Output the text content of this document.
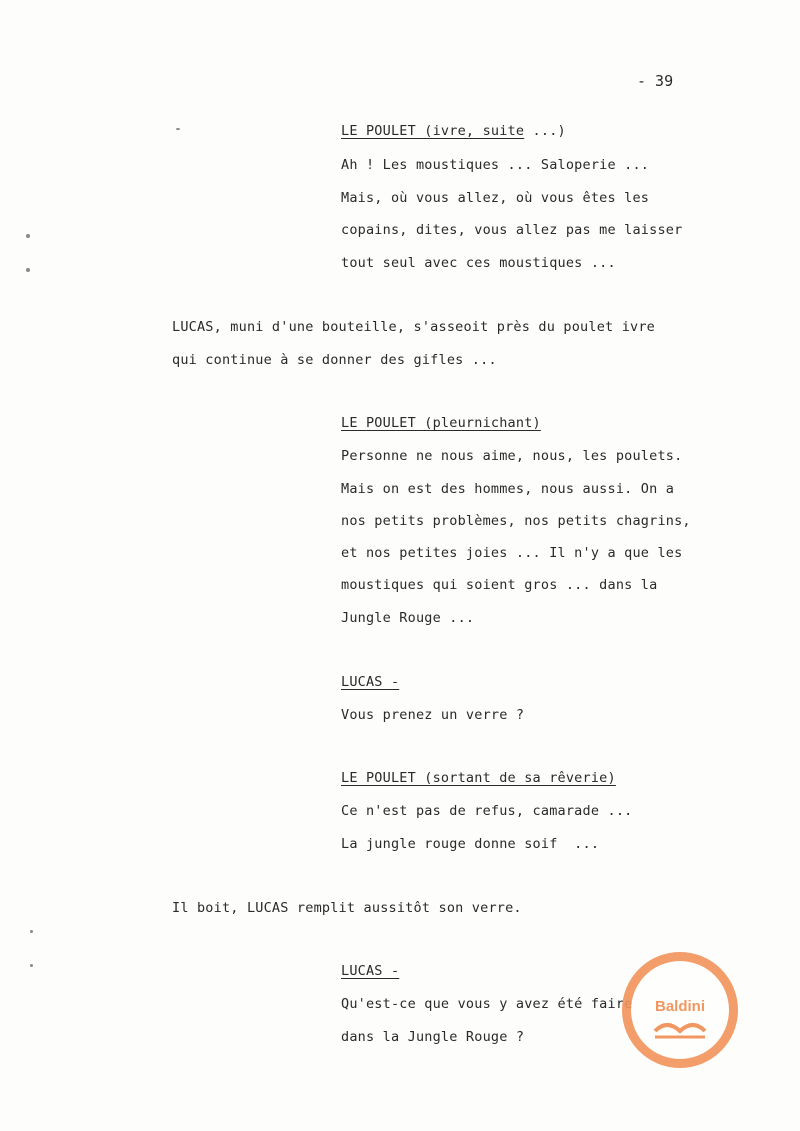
- 39
LE POULET (ivre, suite ...)
Ah ! Les moustiques ... Saloperie ...
Mais, où vous allez, où vous êtes les
copains, dites, vous allez pas me laisser
tout seul avec ces moustiques ...
LUCAS, muni d'une bouteille, s'asseoit près du poulet ivre
qui continue à se donner des gifles ...
LE POULET (pleurnichant)
Personne ne nous aime, nous, les poulets.
Mais on est des hommes, nous aussi. On a
nos petits problèmes, nos petits chagrins,
et nos petites joies ... Il n'y a que les
moustiques qui soient gros ... dans la
Jungle Rouge ...
LUCAS -
Vous prenez un verre ?
LE POULET (sortant de sa rêverie)
Ce n'est pas de refus, camarade ...
La jungle rouge donne soif  ...
Il boit, LUCAS remplit aussitôt son verre.
LUCAS -
Qu'est-ce que vous y avez été faire
dans la Jungle Rouge ?
Baldini
